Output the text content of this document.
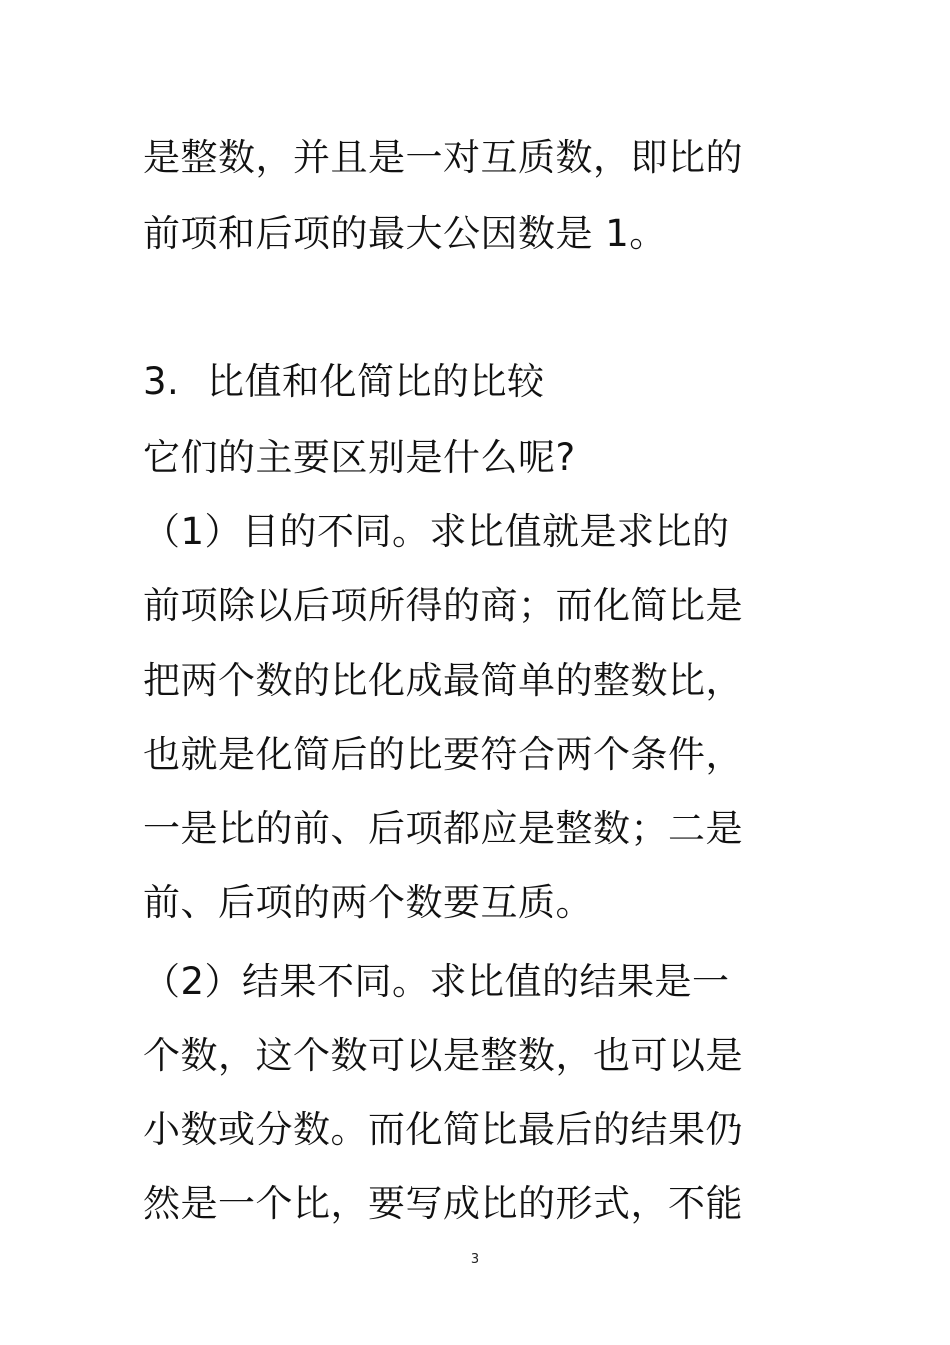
是整数，并且是一对互质数，即比的
前项和后项的最大公因数是 1。
3. 比值和化简比的比较
它们的主要区别是什么呢?
（1）目的不同。求比值就是求比的
前项除以后项所得的商；而化简比是
把两个数的比化成最简单的整数比，
也就是化简后的比要符合两个条件，
一是比的前、后项都应是整数；二是
前、后项的两个数要互质。
（2）结果不同。求比值的结果是一
个数，这个数可以是整数，也可以是
小数或分数。而化简比最后的结果仍
然是一个比，要写成比的形式，不能
3
